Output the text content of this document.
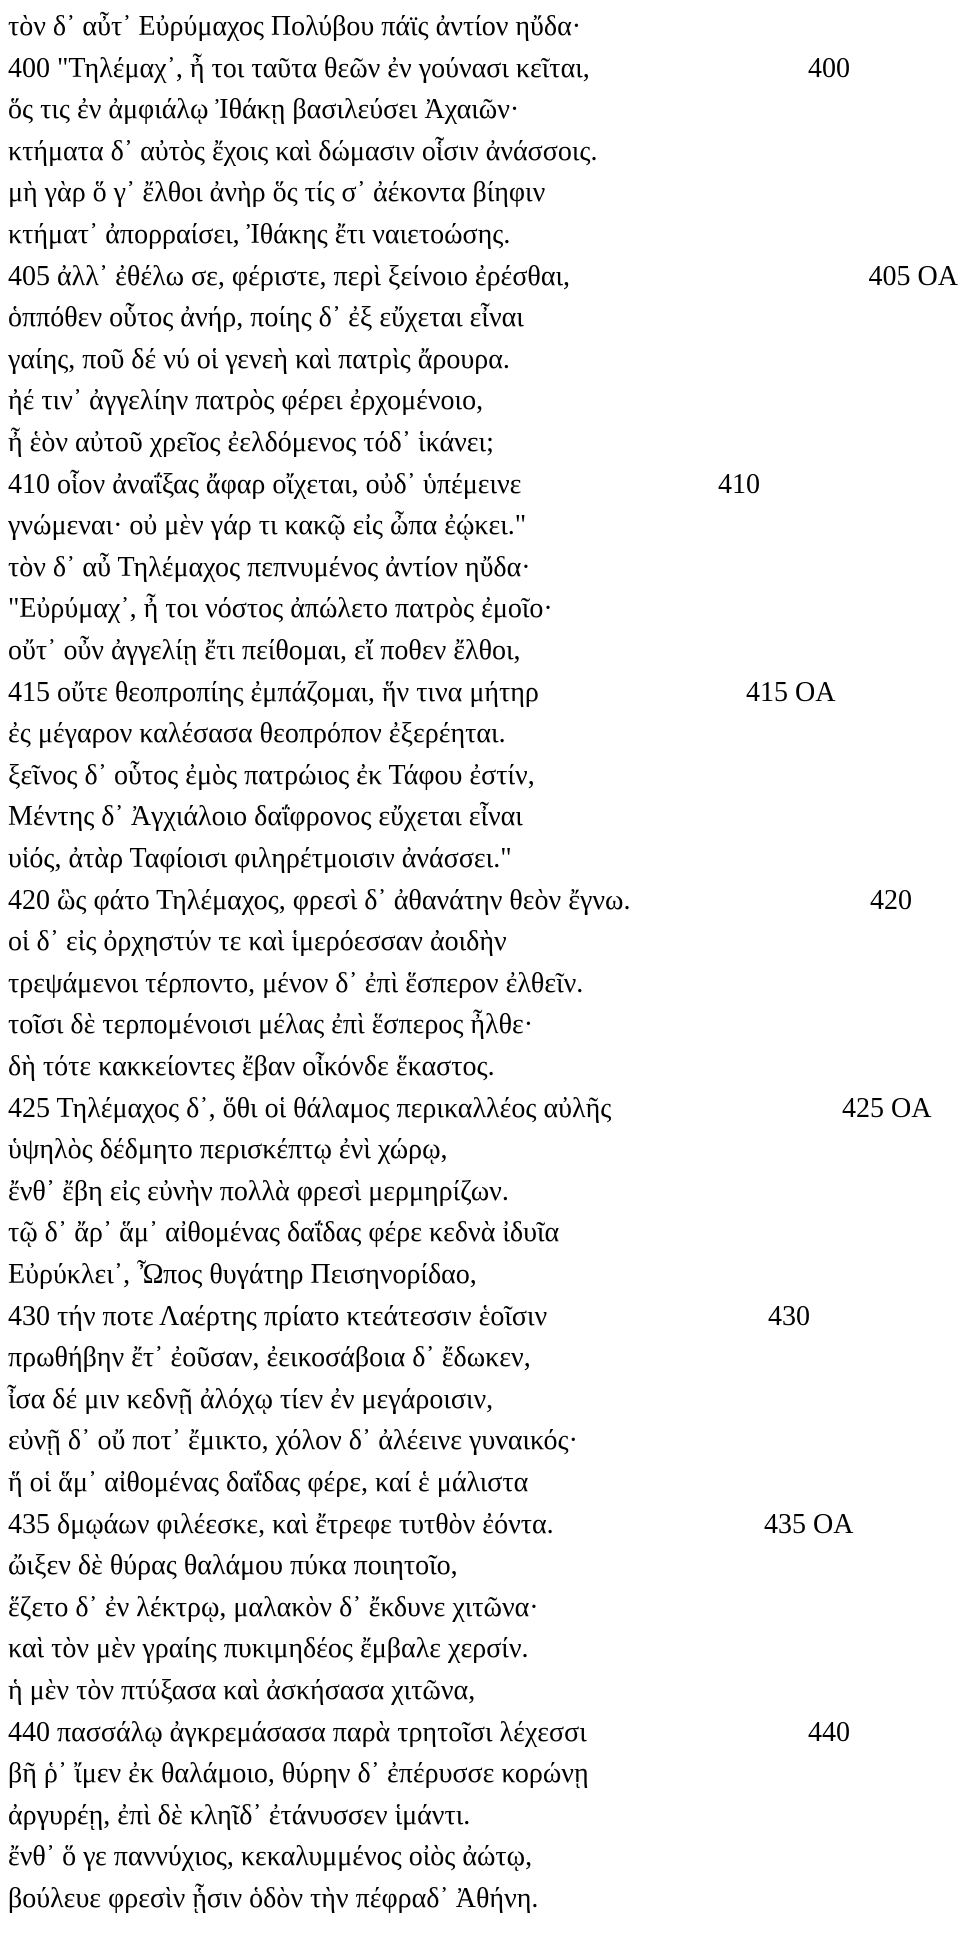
τὸν δ᾽ αὖτ᾽ Εὐρύμαχος Πολύβου πάϊς ἀντίον ηὔδα·
400 "Τηλέμαχ᾽, ἦ τοι ταῦτα θεῶν ἐν γούνασι κεῖται,	400
ὅς τις ἐν ἀμφιάλῳ Ἰθάκῃ βασιλεύσει Ἀχαιῶν·
κτήματα δ᾽ αὐτὸς ἔχοις καὶ δώμασιν οἷσιν ἀνάσσοις.
μὴ γὰρ ὅ γ᾽ ἔλθοι ἀνὴρ ὅς τίς σ᾽ ἀέκοντα βίηφιν
κτήματ᾽ ἀπορραίσει, Ἰθάκης ἔτι ναιετοώσης.
405 ἀλλ᾽ ἐθέλω σε, φέριστε, περὶ ξείνοιο ἐρέσθαι,	405 OA
ὁππόθεν οὗτος ἀνήρ, ποίης δ᾽ ἐξ εὔχεται εἶναι
γαίης, ποῦ δέ νύ οἱ γενεὴ καὶ πατρὶς ἄρουρα.
ἠέ τιν᾽ ἀγγελίην πατρὸς φέρει ἐρχομένοιο,
ἦ ἑὸν αὐτοῦ χρεῖος ἐελδόμενος τόδ᾽ ἱκάνει;
410 οἷον ἀναΐξας ἄφαρ οἴχεται, οὐδ᾽ ὑπέμεινε	410
γνώμεναι· οὐ μὲν γάρ τι κακῷ εἰς ὦπα ἐῴκει."
τὸν δ᾽ αὖ Τηλέμαχος πεπνυμένος ἀντίον ηὔδα·
"Εὐρύμαχ᾽, ἦ τοι νόστος ἀπώλετο πατρὸς ἐμοῖο·
οὔτ᾽ οὖν ἀγγελίῃ ἔτι πείθομαι, εἴ ποθεν ἔλθοι,
415 οὔτε θεοπροπίης ἐμπάζομαι, ἥν τινα μήτηρ	415 OA
ἐς μέγαρον καλέσασα θεοπρόπον ἐξερέηται.
ξεῖνος δ᾽ οὗτος ἐμὸς πατρώιος ἐκ Τάφου ἐστίν,
Μέντης δ᾽ Ἀγχιάλοιο δαΐφρονος εὔχεται εἶναι
υἱός, ἀτὰρ Ταφίοισι φιληρέτμοισιν ἀνάσσει."
420 ὣς φάτο Τηλέμαχος, φρεσὶ δ᾽ ἀθανάτην θεὸν ἔγνω.	420
οἱ δ᾽ εἰς ὀρχηστύν τε καὶ ἱμερόεσσαν ἀοιδὴν
τρεψάμενοι τέρποντο, μένον δ᾽ ἐπὶ ἕσπερον ἐλθεῖν.
τοῖσι δὲ τερπομένοισι μέλας ἐπὶ ἕσπερος ἦλθε·
δὴ τότε κακκείοντες ἔβαν οἶκόνδε ἕκαστος.
425 Τηλέμαχος δ᾽, ὅθι οἱ θάλαμος περικαλλέος αὐλῆς	425 OA
ὑψηλὸς δέδμητο περισκέπτῳ ἐνὶ χώρῳ,
ἔνθ᾽ ἔβη εἰς εὐνὴν πολλὰ φρεσὶ μερμηρίζων.
τῷ δ᾽ ἄρ᾽ ἅμ᾽ αἰθομένας δαΐδας φέρε κεδνὰ ἰδυῖα
Εὐρύκλει᾽, Ὦπος θυγάτηρ Πεισηνορίδαο,
430 τήν ποτε Λαέρτης πρίατο κτεάτεσσιν ἑοῖσιν	430
πρωθήβην ἔτ᾽ ἐοῦσαν, ἐεικοσάβοια δ᾽ ἔδωκεν,
ἶσα δέ μιν κεδνῇ ἀλόχῳ τίεν ἐν μεγάροισιν,
εὐνῇ δ᾽ οὔ ποτ᾽ ἔμικτο, χόλον δ᾽ ἀλέεινε γυναικός·
ἥ οἱ ἅμ᾽ αἰθομένας δαΐδας φέρε, καί ἑ μάλιστα
435 δμῳάων φιλέεσκε, καὶ ἔτρεφε τυτθὸν ἐόντα.	435 OA
ὤιξεν δὲ θύρας θαλάμου πύκα ποιητοῖο,
ἕζετο δ᾽ ἐν λέκτρῳ, μαλακὸν δ᾽ ἔκδυνε χιτῶνα·
καὶ τὸν μὲν γραίης πυκιμηδέος ἔμβαλε χερσίν.
ἡ μὲν τὸν πτύξασα καὶ ἀσκήσασα χιτῶνα,
440 πασσάλῳ ἀγκρεμάσασα παρὰ τρητοῖσι λέχεσσι	440
βῆ ῥ᾽ ἴμεν ἐκ θαλάμοιο, θύρην δ᾽ ἐπέρυσσε κορώνῃ
ἀργυρέῃ, ἐπὶ δὲ κληῖδ᾽ ἐτάνυσσεν ἱμάντι.
ἔνθ᾽ ὅ γε παννύχιος, κεκαλυμμένος οἰὸς ἀώτῳ,
βούλευε φρεσὶν ᾗσιν ὁδὸν τὴν πέφραδ᾽ Ἀθήνη.
